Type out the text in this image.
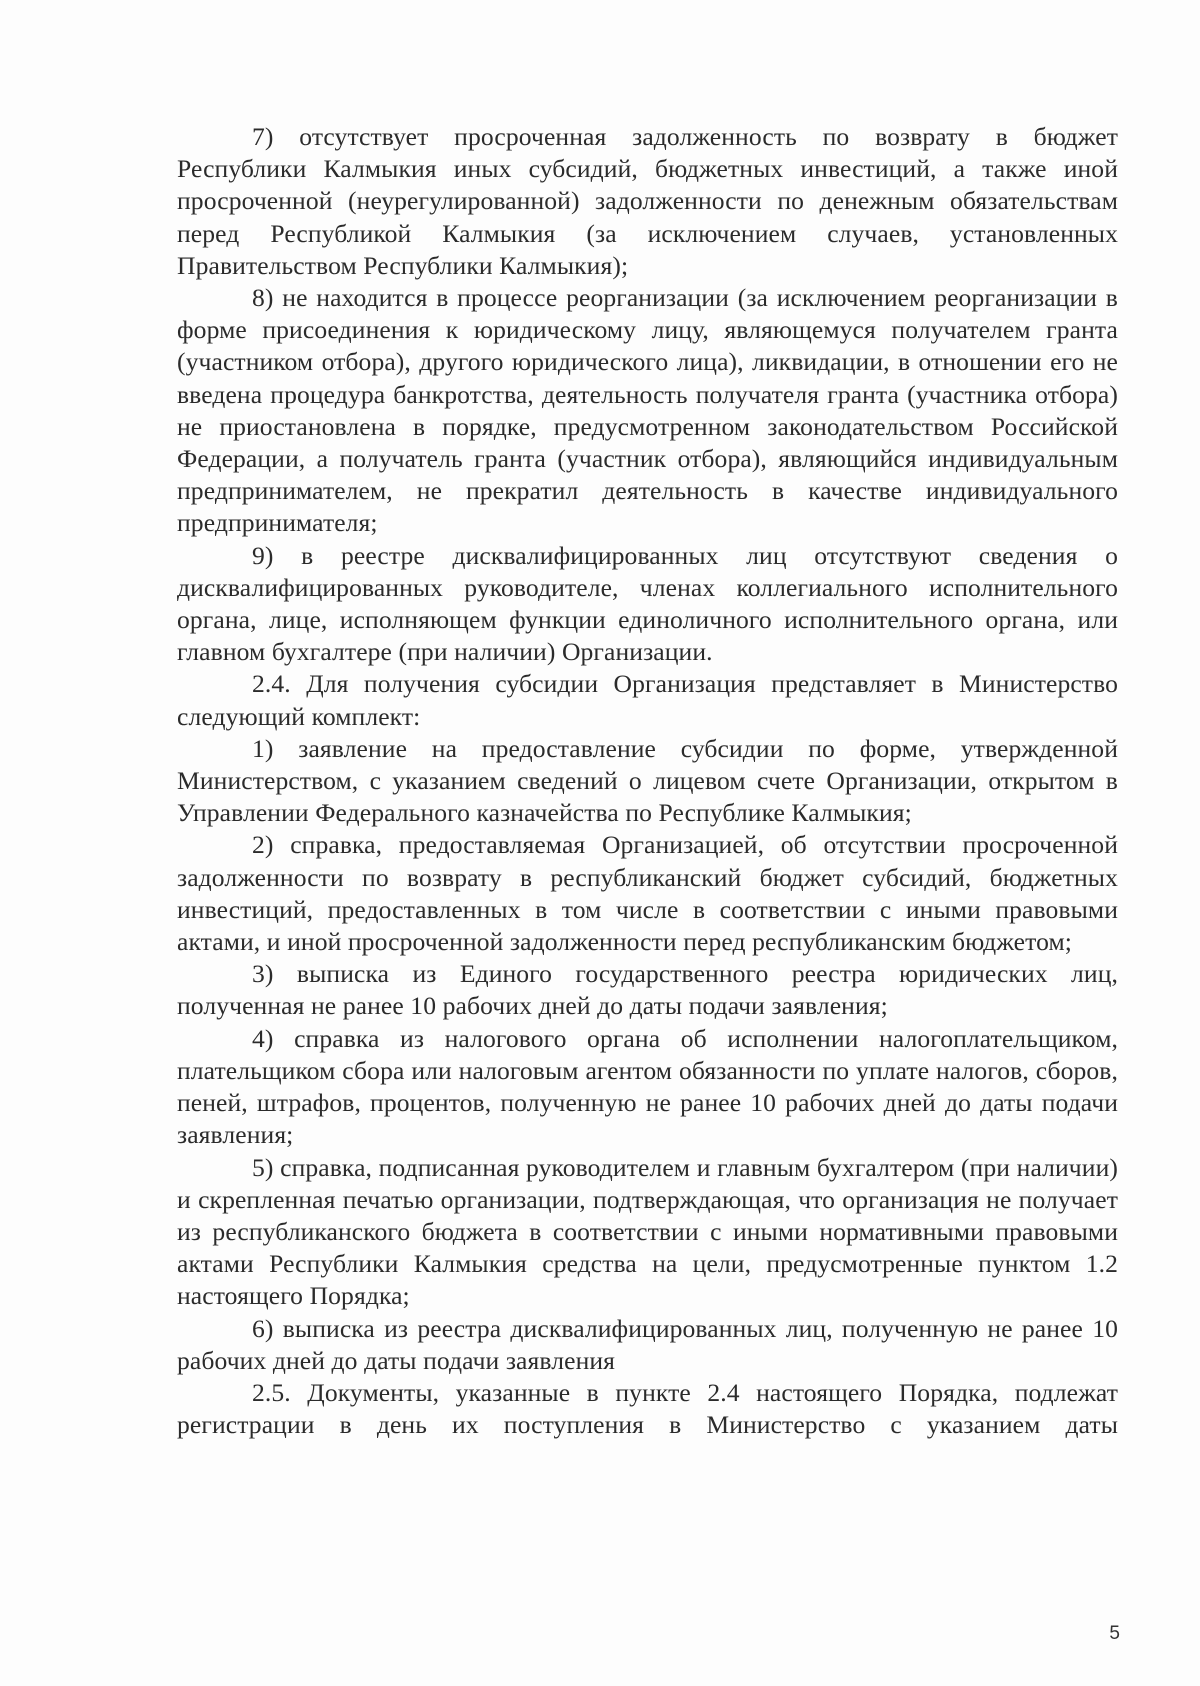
7) отсутствует просроченная задолженность по возврату в бюджет Республики Калмыкия иных субсидий, бюджетных инвестиций, а также иной просроченной (неурегулированной) задолженности по денежным обязательствам перед Республикой Калмыкия (за исключением случаев, установленных Правительством Республики Калмыкия);

8) не находится в процессе реорганизации (за исключением реорганизации в форме присоединения к юридическому лицу, являющемуся получателем гранта (участником отбора), другого юридического лица), ликвидации, в отношении его не введена процедура банкротства, деятельность получателя гранта (участника отбора) не приостановлена в порядке, предусмотренном законодательством Российской Федерации, а получатель гранта (участник отбора), являющийся индивидуальным предпринимателем, не прекратил деятельность в качестве индивидуального предпринимателя;

9) в реестре дисквалифицированных лиц отсутствуют сведения о дисквалифицированных руководителе, членах коллегиального исполнительного органа, лице, исполняющем функции единоличного исполнительного органа, или главном бухгалтере (при наличии) Организации.

2.4. Для получения субсидии Организация представляет в Министерство следующий комплект:

1) заявление на предоставление субсидии по форме, утвержденной Министерством, с указанием сведений о лицевом счете Организации, открытом в Управлении Федерального казначейства по Республике Калмыкия;

2) справка, предоставляемая Организацией, об отсутствии просроченной задолженности по возврату в республиканский бюджет субсидий, бюджетных инвестиций, предоставленных в том числе в соответствии с иными правовыми актами, и иной просроченной задолженности перед республиканским бюджетом;

3) выписка из Единого государственного реестра юридических лиц, полученная не ранее 10 рабочих дней до даты подачи заявления;

4) справка из налогового органа об исполнении налогоплательщиком, плательщиком сбора или налоговым агентом обязанности по уплате налогов, сборов, пеней, штрафов, процентов, полученную не ранее 10 рабочих дней до даты подачи заявления;

5) справка, подписанная руководителем и главным бухгалтером (при наличии) и скрепленная печатью организации, подтверждающая, что организация не получает из республиканского бюджета в соответствии с иными нормативными правовыми актами Республики Калмыкия средства на цели, предусмотренные пунктом 1.2 настоящего Порядка;

6) выписка из реестра дисквалифицированных лиц, полученную не ранее 10 рабочих дней до даты подачи заявления

2.5. Документы, указанные в пункте 2.4 настоящего Порядка, подлежат регистрации в день их поступления в Министерство с указанием даты

5
